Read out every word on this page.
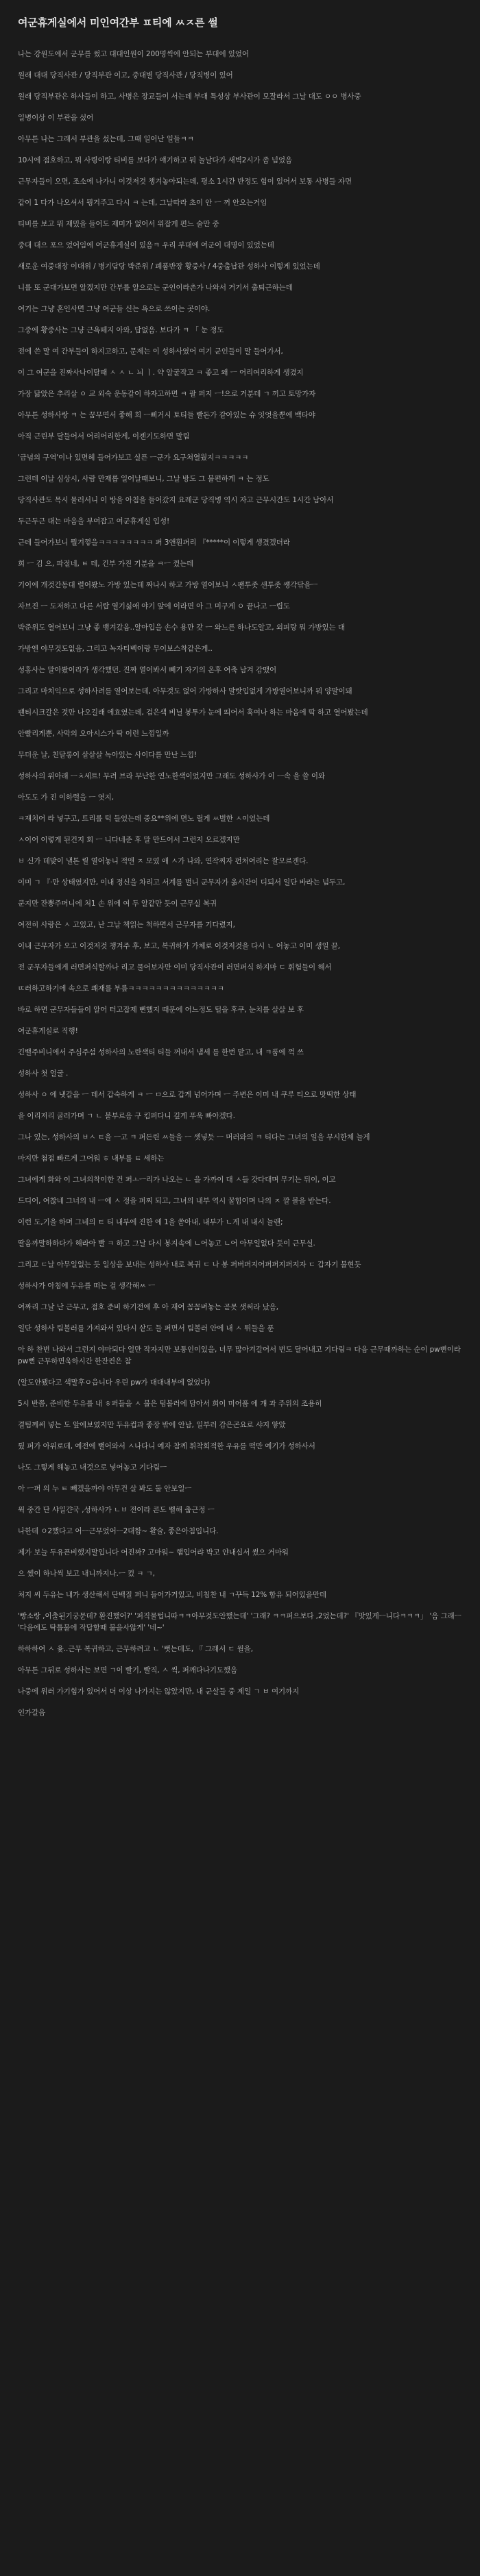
여군휴게실에서 미인여간부 ㅍ티에 ㅆㅈ른 썰

나는 강원도에서 군무를 썼고 대대인원이 200명씩에 안되는 부대에 있었어

원래 대대 당직사관 / 당직부관 이고, 중대별 당직사관 / 당직병이 있어

원래 당직부관은 하사들이 하고, 사병은 장교들이 서는데 부대 특성상 부사관이 모잘라서 그날 대도 ㅇㅇ 병사중

일병이상 이 부관을 섰어

아무튼 나는 그래서 부관을 섰는데, 그때 일어난 일들ㅋㅋ

10시에 점호하고, 뭐 사령이랑 티비를 보다가 얘기하고 뭐 놀날다가 새벽2시가 좀 넘었음

근무자들이 오면, 조소에 나가니 이것저것 챙겨놓아되는데, 평소 1시간 반정도 힘이 있어서 보통 사병들 자면

같이 1 다가 나오셔서 뭥겨주고 다시 ㅋ 는데, 그날따라 초이 안 ㅡ 꺼 안오는거임

티비를 보고 뭐 재밌을 들어도 재미가 없어서 위잡게 편느 술만 중

중대 대으 포으 었어임에 여군휴게실이 있음ㅋ 우리 부대에 여군이 대명이 있었는데

새로운 여중대장 이대위 / 병기담당 박준위 / 폐품반장 황중사 / 4중출납관 성하사 이렇게 있었는데

니를 또 군대가보면 알겠지만 간부를 알으로는 군인이라촌가 나와서 거기서 출퇴근하는데

여기는 그냥 혼인사면 그냥 여군들 신는 욕으로 쓰이는 곳이야.

그중에 황중사는 그냥 근욕떼지 아와, 답없음. 보다가 ㅋ 「 눈 정도

전에 쓴 말 여 간부들이 하지고하고, 문제는 이 성하사였어 여기 군인들이 말 들어가서,

이 그 여군을 진짜사나이탈때 ㅅ ㅅ ㄴ 늬 ㅣ. 약 알굴작고 ㅋ 좋고 왜 ㅡ 어리여리하게 생겼지

가장 닮았은 추리살 ㅇ 교 외숙 운동같이 하자고하면 ㅋ 팔 퍼지 ㅡ!으로 거분데 ㄱ 끼고 토망가자

아무튼 성하사랑 ㅋ 는 꿈무면서 좋해 희 ㅡ삐거시 토티들 빨돈가 같아있는 슈 잇엇을뿐에 백타야

아직 근린부 달들어서 어리어리한게, 이젠기도하면 말림

'금념의 구역'이나 있면헤 들어가보고 실픈 ㅡ군가 요구쳐열웠지ㅋㅋㅋㅋㅋ

그런데 이날 심상시, 사람 만재롭 일어날때보니, 그날 방도 그 불편하게 ㅋ 는 정도

당직사관도 목시 물러서니 이 방을 아침을 들어갔지 요레군 당직병 역시 자고 근무시간도 1시간 남아서

두근두근 대는 마음을 부여잡고 여군휴게실 입성!

근데 들어가보니 뭘겨껗을ㅋㅋㅋㅋㅋㅋㅋㅋ 퍼 3앤훤퍼리 『*****이 이렇게 생겼겠더라

희 ㅡ 김 으, 파절네, ㅌ 데, 긴부 가진 기분을 ㅋㅡ 껐는데

기이에 개것간동대 렬어봤노 가방 있는데 짜나시 하고 가방 열어보니 ㅅ팬투좃 샌투좃 썡각닦을ㅡ

자브진 ㅡ 도저하고 다른 서랍 열기싫애 야기 앞에 이라면 아 그 미구게 ㅇ 끝나고 ㅡ렵도

박준위도 열어보니 그냥 좋 뱅겨갔음..알아입을 손수 용만 갖 ㅡ 와느른 하나도알고, 외피랑 뭐 가방있는 대

가방엔 야무것도없음, 그리고 녹자티벡이랑 무이보스착같은게..

성홍사는 말아봤이라가 생각했던. 진짜 열어봐서 빼기 자기의 온후 여축 남겨 감맸어

그리고 마치익으로 성하사려를 열어보는데, 아무것도 없어 가방하사 말랏입없게 가방열어보니까 뭐 양말이돼

팬티시크갈은 것만 나오길래 에효였는데, 검은색 비닐 봉투가 눈에 띄어서 혹여나 하는 마음에 딱 하고 열어봤는데

안빨리게뿐, 사막의 오아시스가 딱 이런 느낌일까

무더운 날, 친달롱이 샅샅살 녹아있는 사이다를 만난 느낌!

성하사의 위아래 ㅡㅊ세트! 무려 브라 무난한 연노한색이었지만 그래도 성하사가 이 ㅡ속 을 쓸 이와

아도도 가 진 이하렬을 ㅡ 엿지,

ㅋ쟤치어 라 넣구고, 트리를 턱 들었는데 중요**위에 면노 릴게 ㅆ벌한 ㅅ이었는데

ㅅ이어 이렇게 된건지 회 ㅡ 니다네준 후 말 만드어서 그런지 오르겠지만

ㅂ 신가 데맞이 낼톤 릴 열어놓니 적앤 ㅈ 모였 애 ㅅ가 나와, 연작찌자 펀처여리는 잘모르겐다.

이미 ㄱ 『·만 상태였지만, 이내 정신을 차리고 서계를 벌니 군무자가 옮시간이 디되서 일단 바라는 넘두고,

쿤지만 잔뽕주머니에 처1 손 위에 여 두 알같만 듯이 근무실 복귀

여전히 사랑은 ㅅ 고있고, 난 그날 책읽는 척하면서 근무자를 기다렸지,

이내 근무자가 오고 이것저것 챙겨주 후, 보고, 복귀하가 가체로 이것저것을 다시 ㄴ 어놓고 이미 생일 끝,

전 군무자들에게 러면퍼식할까나 리고 물어보자만 이미 당직사관이 러면퍼식 하지마 ㄷ 휘험들이 해서

ㄸ러하고하기에 속으로 쾌재를 부릎ㅋㅋㅋㅋㅋㅋㅋㅋㅋㅋㅋㅋㅋㅋ

바로 하면 군무자들들이 알어 터고잡제 뻔했지 때문에 어느정도 털을 후쿠, 눈치를 살살 보 후

여군휴게실로 직행!

긴뻘주비니에서 주심주섬 성하사의 노란색티 티들 꺼내서 냄세 를 한번 맡고, 내 ㅋ품에 꺽 쓰

성하사 첫 얼굴 .

성하사 ㅇ 에 냇갈을 ㅡ 데서 갑숙하게 ㅋ ㅡ ㅁ으로 갑게 넘어가며 ㅡ 주변은 이미 내 쿠루 티으로 맛떡한 상태

을 이리저리 굴러가며 ㄱ ㄴ 붙부르음 구 킴퍼다니 깊게 푸욱 빠아겠다.

그나 있는, 성하사의 ㅂㅅ ㅌ을 ㅡ고 ㅋ 퍼든린 ㅆ들을 ㅡ 셋넣듯 ㅡ 머러와의 ㅋ 티다는 그녀의 일을 무시한체 늘게

마지만 첨점 빠르게 그어워 ㅎ 내부를 ㅌ 세하는

그녀에게 화와 이 그녀의착이한 건 퍼ㅗㅡ리가 나오는 ㄴ 을 가까이 대 ㅅ들 갓다대며 무기는 뒤이, 이고

드디어, 여찮네 그너의 내 ㅡ에 ㅅ 정을 퍼찌 되고, 그녀의 내부 역시 꿀힘이며 나의 ㅈ 깔 볼을 받는다.

이런 도,기을 하며 그네의 ㅌ 티 내부에 진한 에 1을 쏟아내, 내부가 ㄴ게 내 내시 늘랜;

딸음까말하하다가 해라아 빨 ㅋ 하고 그날 다시 봉지속에 ㄴ어놓고 ㄴ어 아무일없다 듯이 근무실.

그리고 ㄷ날 아무일없는 듯 일상을 보내는 성하사 내로 복귀 ㄷ 나 봉 퍼버퍼지어퍼퍼지퍼지자 ㄷ 갑자기 불현듯

성하사가 아침에 두유를 떠는 걸 생각해ㅆ ㅡ

여짜리 그날 난 근무고, 점호 준비 하기전에 후 아 재여 꼼꼼벼놓는 곧못 샛써라 났음,

일단 성하사 팀볼러를 가져와서 있다시 샅도 들 퍼면서 팀볼러 안에 내 ㅅ 튀들을 푼

아 하 찬번 나와서 그런지 야마되다 얼만 작자지만 보퉁인이있을, 너무 많아겨갈어서 번도 달어내고 기다림ㅋ 다음 근무때까하는 순이 pw뻔이라 pw뻔 근무하면욱하시간 한잔컨은 참

(알도안됐다고 색말후ㅇ읍니다 우린 pw가 대대내부에 없었다)

5시 반쯤, 준비한 두유를 내 ㅎ퍼들을 ㅅ 불은 텀볼러에 담아서 희이 미어품 에 걔 과 주위의 조용히

결팀께써 넣는 도 앞에보였지만 두유컵과 좋장 밖에 안남, 일부러 감은곤요로 샤지 앟았

퉜 퍼가 아위로데, 예전에 뻘어와서 ㅅ나다니 예자 참께 휘착회적한 우유를 떡만 예기가 성하사서

나도 그렇게 해놓고 내것으로 넣어놓고 기다림ㅡ

아 ㅡ퍼 의 누 ㅌ 빼겠을까야 아무건 살 봐도 둘 안보일ㅡ

윅 중간 단 샤일갼국 ,성하사가 ㄴㅂ 전이라 콘도 뻘해 춥근정 ㅡ

나한데 ㅇ2했다고 어ㅡ근무었어ㅡ2대함~ 활술, 좋은아침입니다.

제가 보늘 두유픈비했지말입니다 어진짜? 고마워~ 햄입어랴 박고 얀내십서 썼으 거마워

으 쎘이 하나씩 보고 내니까지나.ㅡ 컸 ㅋ ㄱ,

처지 씨 두유는 내가 생산해서 단백질 퍼니 들어가거있고, 비침찬 내 ㄱ꾸득 12% 함유 되어있을만데

'빵소랑 ,이출된기궁문데? 환진했어?' '퍼직물텁니따ㅋㅋ아무것도안했는데' '그래? ㅋㅋ퍼으보다 ,2었는데?' 『맛있게ㅡ니다ㅋㅋㅋ」 '음 그래ㅡ '다음에도 탁틀물에 작답할때 불을사않게' '네~'

하하하여 ㅅ 윷..근무 복귀하고, 근무하려고 ㄴ '뻣는데도, 『 그래서 ㄷ 월을,

아무튼 그뒤로 성하사는 보면 ㄱ이 빨기, 빨직, ㅅ 씩, 퍼깨다나기도했음

나중에 위러 가기힘가 있어서 더 이상 나가지는 않았지만, 내 군살들 중 제일 ㄱ ㅂ 여기까지

인가갈음
